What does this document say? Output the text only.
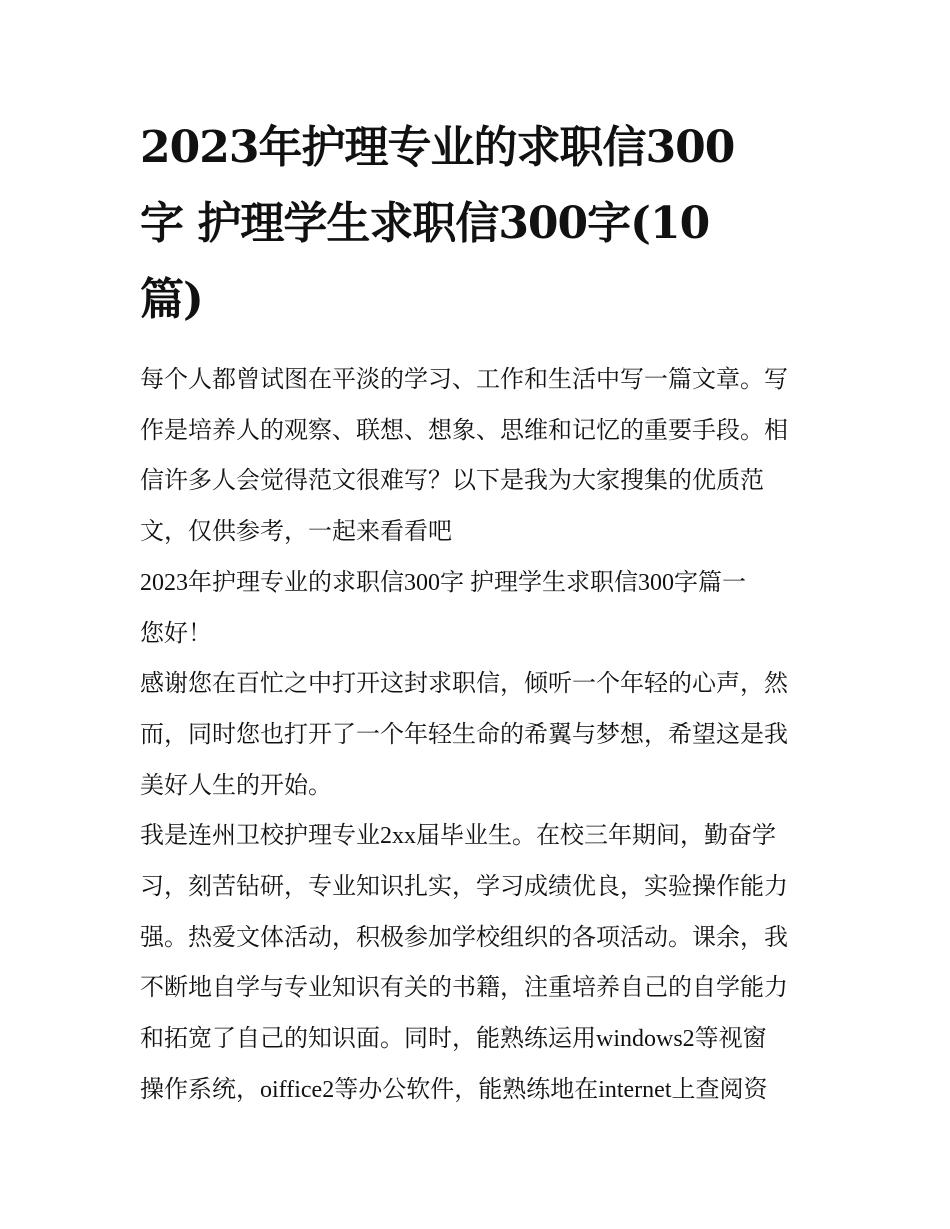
2023年护理专业的求职信300
字 护理学生求职信300字(10
篇)
每个人都曾试图在平淡的学习、工作和生活中写一篇文章。写
作是培养人的观察、联想、想象、思维和记忆的重要手段。相
信许多人会觉得范文很难写？以下是我为大家搜集的优质范
文，仅供参考，一起来看看吧
2023年护理专业的求职信300字 护理学生求职信300字篇一
您好！
感谢您在百忙之中打开这封求职信，倾听一个年轻的心声，然
而，同时您也打开了一个年轻生命的希翼与梦想，希望这是我
美好人生的开始。
我是连州卫校护理专业2xx届毕业生。在校三年期间，勤奋学
习，刻苦钻研，专业知识扎实，学习成绩优良，实验操作能力
强。热爱文体活动，积极参加学校组织的各项活动。课余，我
不断地自学与专业知识有关的书籍，注重培养自己的自学能力
和拓宽了自己的知识面。同时，能熟练运用windows2等视窗
操作系统，oiffice2等办公软件，能熟练地在internet上查阅资
